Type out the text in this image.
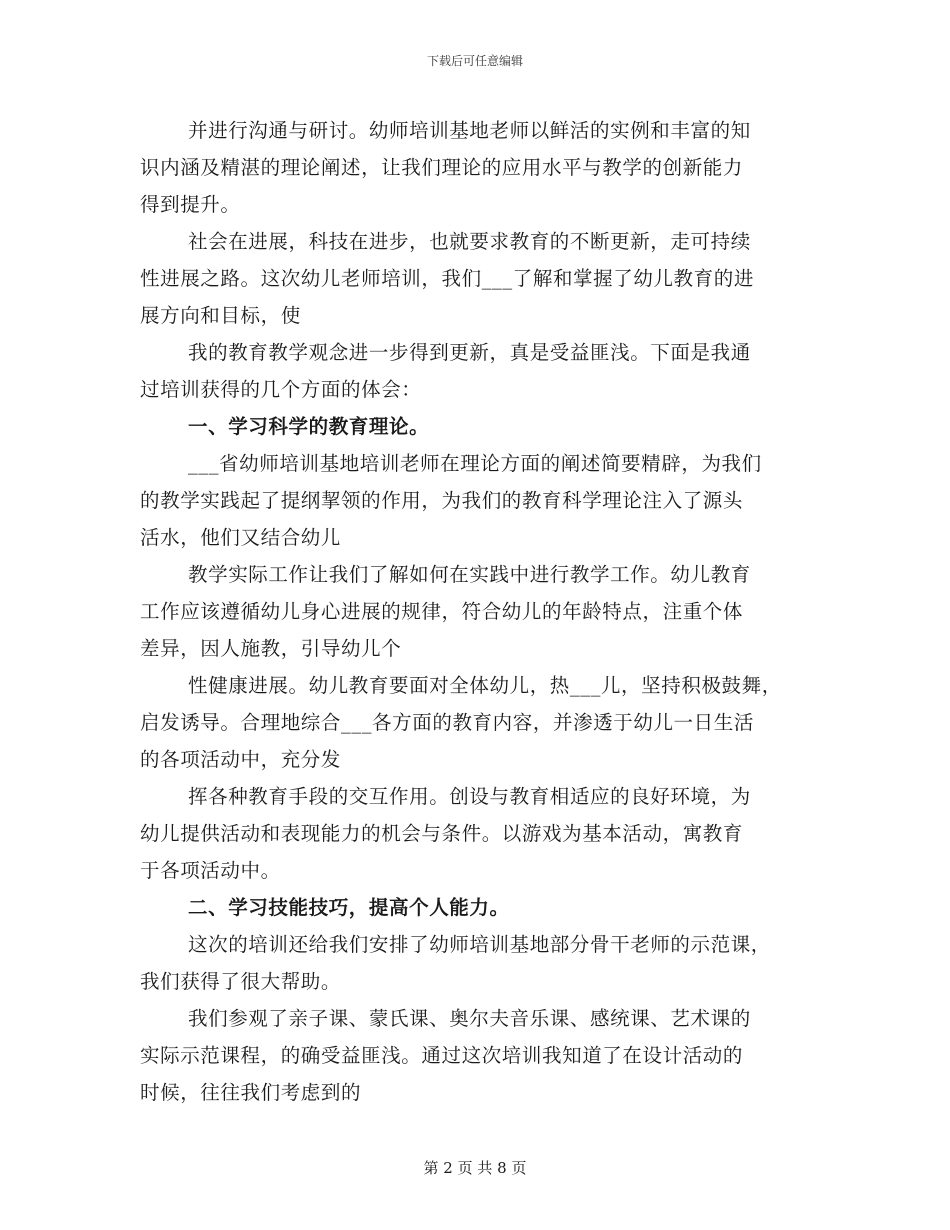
下载后可任意编辑
并进行沟通与研讨。幼师培训基地老师以鲜活的实例和丰富的知
识内涵及精湛的理论阐述，让我们理论的应用水平与教学的创新能力
得到提升。
社会在进展，科技在进步，也就要求教育的不断更新，走可持续
性进展之路。这次幼儿老师培训，我们___了解和掌握了幼儿教育的进
展方向和目标，使
我的教育教学观念进一步得到更新，真是受益匪浅。下面是我通
过培训获得的几个方面的体会：
一、学习科学的教育理论。
___省幼师培训基地培训老师在理论方面的阐述简要精辟，为我们
的教学实践起了提纲挈领的作用，为我们的教育科学理论注入了源头
活水，他们又结合幼儿
教学实际工作让我们了解如何在实践中进行教学工作。幼儿教育
工作应该遵循幼儿身心进展的规律，符合幼儿的年龄特点，注重个体
差异，因人施教，引导幼儿个
性健康进展。幼儿教育要面对全体幼儿，热___儿，坚持积极鼓舞，
启发诱导。合理地综合___各方面的教育内容，并渗透于幼儿一日生活
的各项活动中，充分发
挥各种教育手段的交互作用。创设与教育相适应的良好环境，为
幼儿提供活动和表现能力的机会与条件。以游戏为基本活动，寓教育
于各项活动中。
二、学习技能技巧，提高个人能力。
这次的培训还给我们安排了幼师培训基地部分骨干老师的示范课，
我们获得了很大帮助。
我们参观了亲子课、蒙氏课、奥尔夫音乐课、感统课、艺术课的
实际示范课程，的确受益匪浅。通过这次培训我知道了在设计活动的
时候，往往我们考虑到的
第 2 页 共 8 页
